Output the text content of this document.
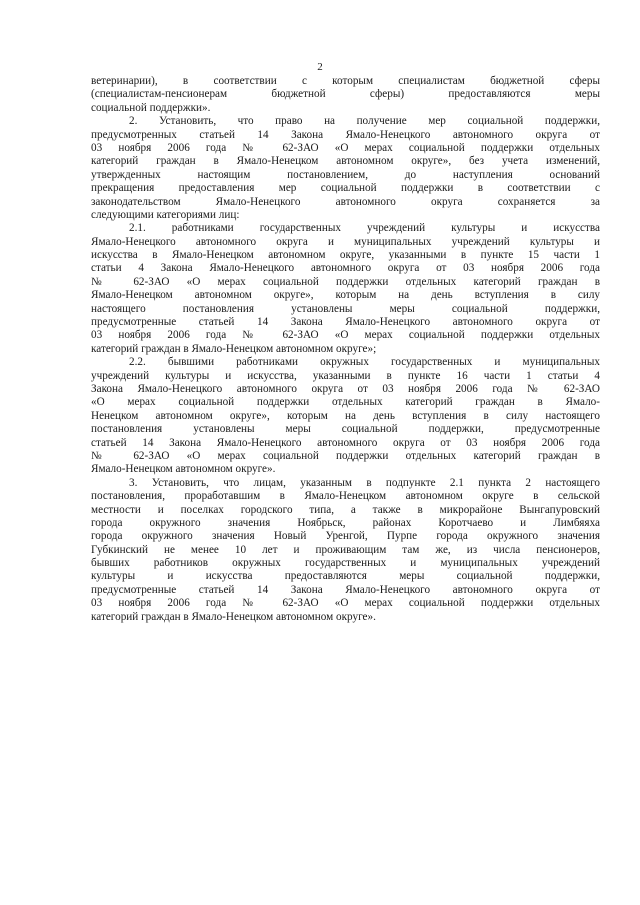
2
ветеринарии), в соответствии с которым специалистам бюджетной сферы
(специалистам-пенсионерам бюджетной сферы) предоставляются меры
социальной поддержки».
2. Установить, что право на получение мер социальной поддержки,
предусмотренных статьей 14 Закона Ямало-Ненецкого автономного округа от
03 ноября 2006 года № 62-ЗАО «О мерах социальной поддержки отдельных
категорий граждан в Ямало-Ненецком автономном округе», без учета изменений,
утвержденных настоящим постановлением, до наступления оснований
прекращения предоставления мер социальной поддержки в соответствии с
законодательством Ямало-Ненецкого автономного округа сохраняется за
следующими категориями лиц:
2.1. работниками государственных учреждений культуры и искусства
Ямало-Ненецкого автономного округа и муниципальных учреждений культуры и
искусства в Ямало-Ненецком автономном округе, указанными в пункте 15 части 1
статьи 4 Закона Ямало-Ненецкого автономного округа от 03 ноября 2006 года
№ 62-ЗАО «О мерах социальной поддержки отдельных категорий граждан в
Ямало-Ненецком автономном округе», которым на день вступления в силу
настоящего постановления установлены меры социальной поддержки,
предусмотренные статьей 14 Закона Ямало-Ненецкого автономного округа от
03 ноября 2006 года № 62-ЗАО «О мерах социальной поддержки отдельных
категорий граждан в Ямало-Ненецком автономном округе»;
2.2. бывшими работниками окружных государственных и муниципальных
учреждений культуры и искусства, указанными в пункте 16 части 1 статьи 4
Закона Ямало-Ненецкого автономного округа от 03 ноября 2006 года № 62-ЗАО
«О мерах социальной поддержки отдельных категорий граждан в Ямало-
Ненецком автономном округе», которым на день вступления в силу настоящего
постановления установлены меры социальной поддержки, предусмотренные
статьей 14 Закона Ямало-Ненецкого автономного округа от 03 ноября 2006 года
№ 62-ЗАО «О мерах социальной поддержки отдельных категорий граждан в
Ямало-Ненецком автономном округе».
3. Установить, что лицам, указанным в подпункте 2.1 пункта 2 настоящего
постановления, проработавшим в Ямало-Ненецком автономном округе в сельской
местности и поселках городского типа, а также в микрорайоне Вынгапуровский
города окружного значения Ноябрьск, районах Коротчаево и Лимбяяха
города окружного значения Новый Уренгой, Пурпе города окружного значения
Губкинский не менее 10 лет и проживающим там же, из числа пенсионеров,
бывших работников окружных государственных и муниципальных учреждений
культуры и искусства предоставляются меры социальной поддержки,
предусмотренные статьей 14 Закона Ямало-Ненецкого автономного округа от
03 ноября 2006 года № 62-ЗАО «О мерах социальной поддержки отдельных
категорий граждан в Ямало-Ненецком автономном округе».
